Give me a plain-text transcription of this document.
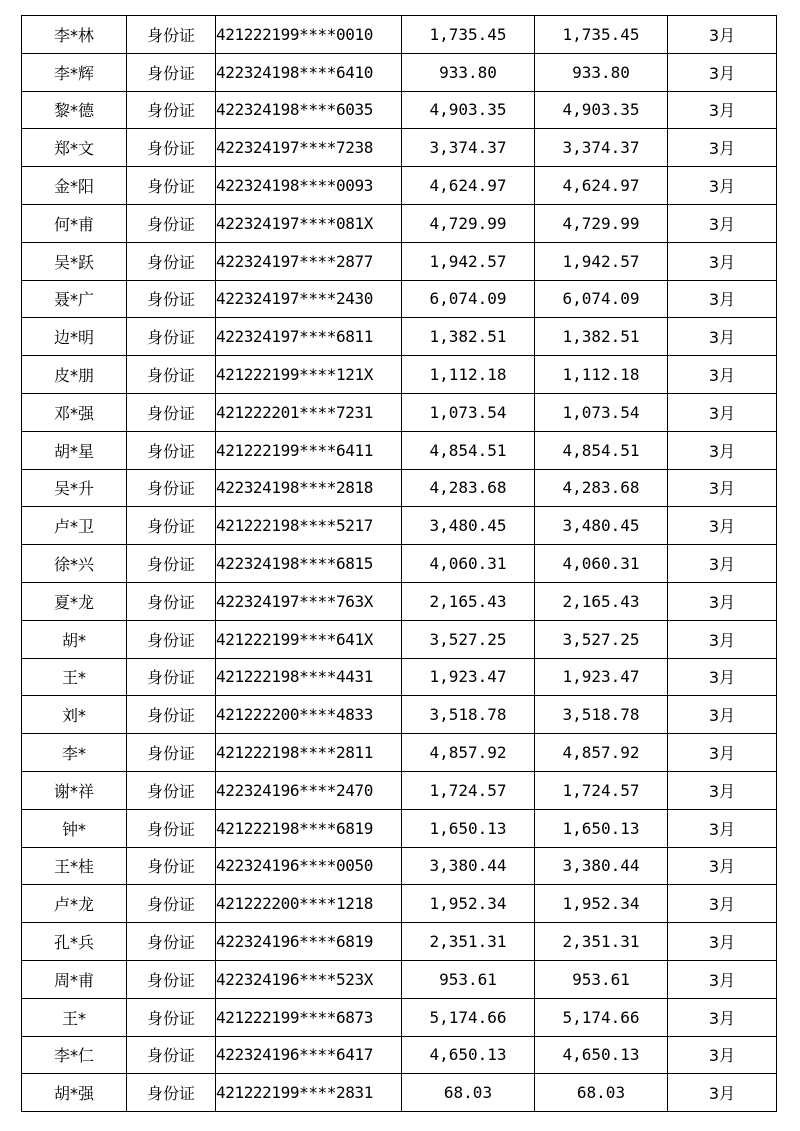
李*林	身份证	421222199****0010	1,735.45	1,735.45	3月
李*辉	身份证	422324198****6410	933.80	933.80	3月
黎*德	身份证	422324198****6035	4,903.35	4,903.35	3月
郑*文	身份证	422324197****7238	3,374.37	3,374.37	3月
金*阳	身份证	422324198****0093	4,624.97	4,624.97	3月
何*甫	身份证	422324197****081X	4,729.99	4,729.99	3月
吴*跃	身份证	422324197****2877	1,942.57	1,942.57	3月
聂*广	身份证	422324197****2430	6,074.09	6,074.09	3月
边*明	身份证	422324197****6811	1,382.51	1,382.51	3月
皮*朋	身份证	421222199****121X	1,112.18	1,112.18	3月
邓*强	身份证	421222201****7231	1,073.54	1,073.54	3月
胡*星	身份证	421222199****6411	4,854.51	4,854.51	3月
吴*升	身份证	422324198****2818	4,283.68	4,283.68	3月
卢*卫	身份证	421222198****5217	3,480.45	3,480.45	3月
徐*兴	身份证	422324198****6815	4,060.31	4,060.31	3月
夏*龙	身份证	422324197****763X	2,165.43	2,165.43	3月
胡*	身份证	421222199****641X	3,527.25	3,527.25	3月
王*	身份证	421222198****4431	1,923.47	1,923.47	3月
刘*	身份证	421222200****4833	3,518.78	3,518.78	3月
李*	身份证	421222198****2811	4,857.92	4,857.92	3月
谢*祥	身份证	422324196****2470	1,724.57	1,724.57	3月
钟*	身份证	421222198****6819	1,650.13	1,650.13	3月
王*桂	身份证	422324196****0050	3,380.44	3,380.44	3月
卢*龙	身份证	421222200****1218	1,952.34	1,952.34	3月
孔*兵	身份证	422324196****6819	2,351.31	2,351.31	3月
周*甫	身份证	422324196****523X	953.61	953.61	3月
王*	身份证	421222199****6873	5,174.66	5,174.66	3月
李*仁	身份证	422324196****6417	4,650.13	4,650.13	3月
胡*强	身份证	421222199****2831	68.03	68.03	3月
